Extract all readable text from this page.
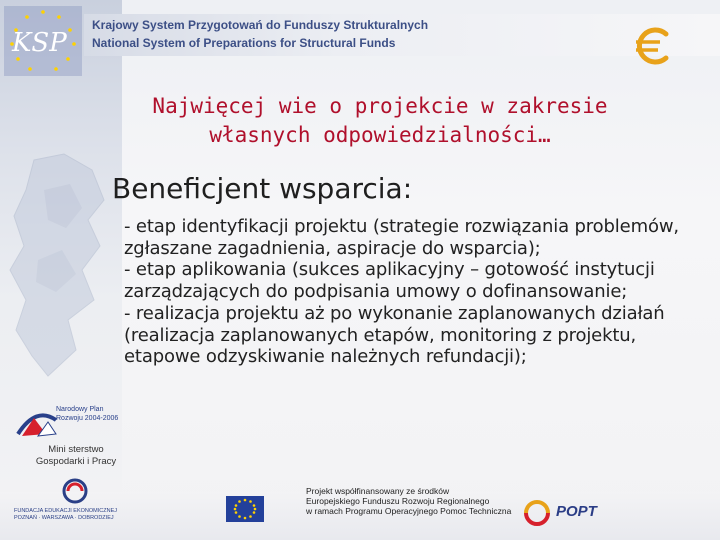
KSP
Krajowy System Przygotowań do Funduszy Strukturalnych
National System of Preparations for Structural Funds
Najwięcej wie o projekcie w zakresie
własnych odpowiedzialności…
Beneficjent wsparcia:

- etap identyfikacji projektu (strategie rozwiązania problemów, zgłaszane zagadnienia, aspiracje do wsparcia);

- etap aplikowania (sukces aplikacyjny – gotowość instytucji zarządzających do podpisania umowy o dofinansowanie;

- realizacja projektu aż po wykonanie zaplanowanych działań (realizacja zaplanowanych etapów, monitoring z projektu, etapowe odzyskiwanie należnych refundacji);

Narodowy Plan
Rozwoju 2004-2006
Mini sterstwo
Gospodarki i Pracy
FUNDACJA EDUKACJI EKONOMICZNEJ
POZNAŃ · WARSZAWA · DOBRODZIEJ
Projekt współfinansowany ze środków
Europejskiego Funduszu Rozwoju Regionalnego
w ramach Programu Operacyjnego Pomoc Techniczna	POPT
